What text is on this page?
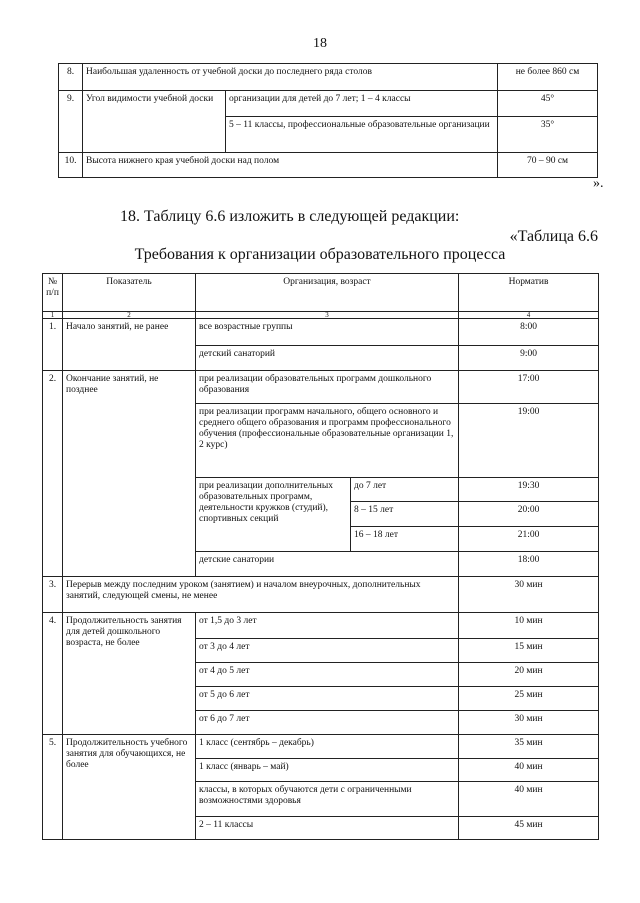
18
8.	Наибольшая удаленность от учебной доски до последнего ряда столов		не более 860 см
9.	Угол видимости учебной доски	организации для детей до 7 лет; 1 – 4 классы	45°
		5 – 11 классы, профессиональные образовательные организации	35°
10.	Высота нижнего края учебной доски над полом		70 – 90 см
».
18. Таблицу 6.6 изложить в следующей редакции:
«Таблица 6.6
Требования к организации образовательного процесса
№ п/п	Показатель	Организация, возраст		Норматив
1	2	3		4
1.	Начало занятий, не ранее	все возрастные группы		8:00
		детский санаторий		9:00
2.	Окончание занятий, не позднее	при реализации образовательных программ дошкольного образования		17:00
		при реализации программ начального, общего основного и среднего общего образования и программ профессионального обучения (профессиональные образовательные организации 1, 2 курс)		19:00
		при реализации дополнительных образовательных программ, деятельности кружков (студий), спортивных секций	до 7 лет	19:30
			8 – 15 лет	20:00
			16 – 18 лет	21:00
		детские санатории		18:00
3.	Перерыв между последним уроком (занятием) и началом внеурочных, дополнительных занятий, следующей смены, не менее			30 мин
4.	Продолжительность занятия для детей дошкольного возраста, не более	от 1,5 до 3 лет		10 мин
		от 3 до 4 лет		15 мин
		от 4 до 5 лет		20 мин
		от 5 до 6 лет		25 мин
		от 6 до 7 лет		30 мин
5.	Продолжительность учебного занятия для обучающихся, не более	1 класс (сентябрь – декабрь)		35 мин
		1 класс (январь – май)		40 мин
		классы, в которых обучаются дети с ограниченными возможностями здоровья		40 мин
		2 – 11 классы		45 мин
